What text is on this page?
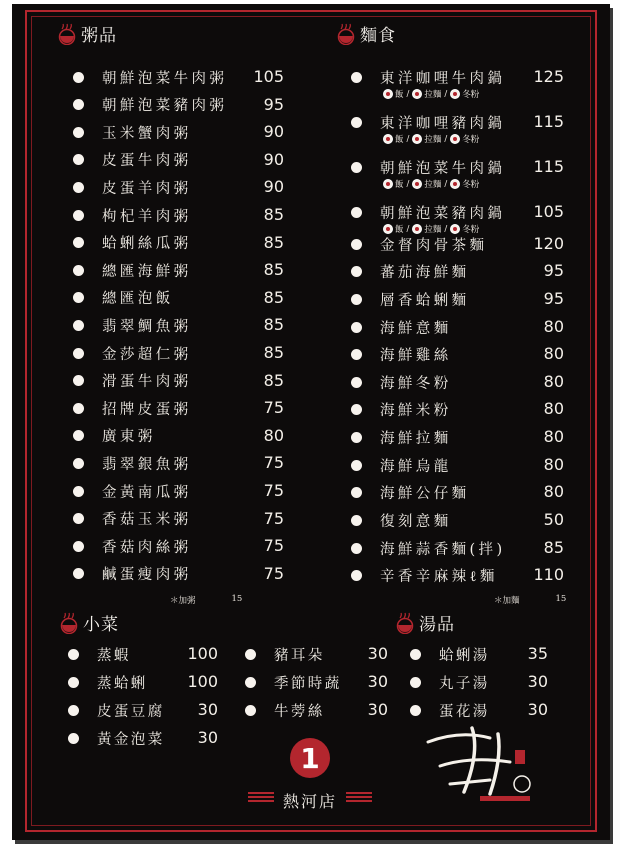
粥品
朝鮮泡菜牛肉粥	105
朝鮮泡菜豬肉粥	95
玉米蟹肉粥	90
皮蛋牛肉粥	90
皮蛋羊肉粥	90
枸杞羊肉粥	85
蛤蜊絲瓜粥	85
總匯海鮮粥	85
總匯泡飯	85
翡翠鯛魚粥	85
金莎超仁粥	85
滑蛋牛肉粥	85
招牌皮蛋粥	75
廣東粥	80
翡翠銀魚粥	75
金黃南瓜粥	75
香菇玉米粥	75
香菇肉絲粥	75
鹹蛋瘦肉粥	75
＊加粥	15
麵食
東洋咖哩牛肉鍋	125
飯 / 拉麵 / 冬粉
東洋咖哩豬肉鍋	115
飯 / 拉麵 / 冬粉
朝鮮泡菜牛肉鍋	115
飯 / 拉麵 / 冬粉
朝鮮泡菜豬肉鍋	105
飯 / 拉麵 / 冬粉
金督肉骨茶麵	120
蕃茄海鮮麵	95
層香蛤蜊麵	95
海鮮意麵	80
海鮮雞絲	80
海鮮冬粉	80
海鮮米粉	80
海鮮拉麵	80
海鮮烏龍	80
海鮮公仔麵	80
復刻意麵	50
海鮮蒜香麵(拌)	85
辛香辛麻辣ℓ麵	110
＊加麵	15
小菜
蒸蝦	100
蒸蛤蜊	100
皮蛋豆腐	30
黃金泡菜	30
豬耳朵	30
季節時蔬	30
牛蒡絲	30
湯品
蛤蜊湯	35
丸子湯	30
蛋花湯	30
1
熱河店
